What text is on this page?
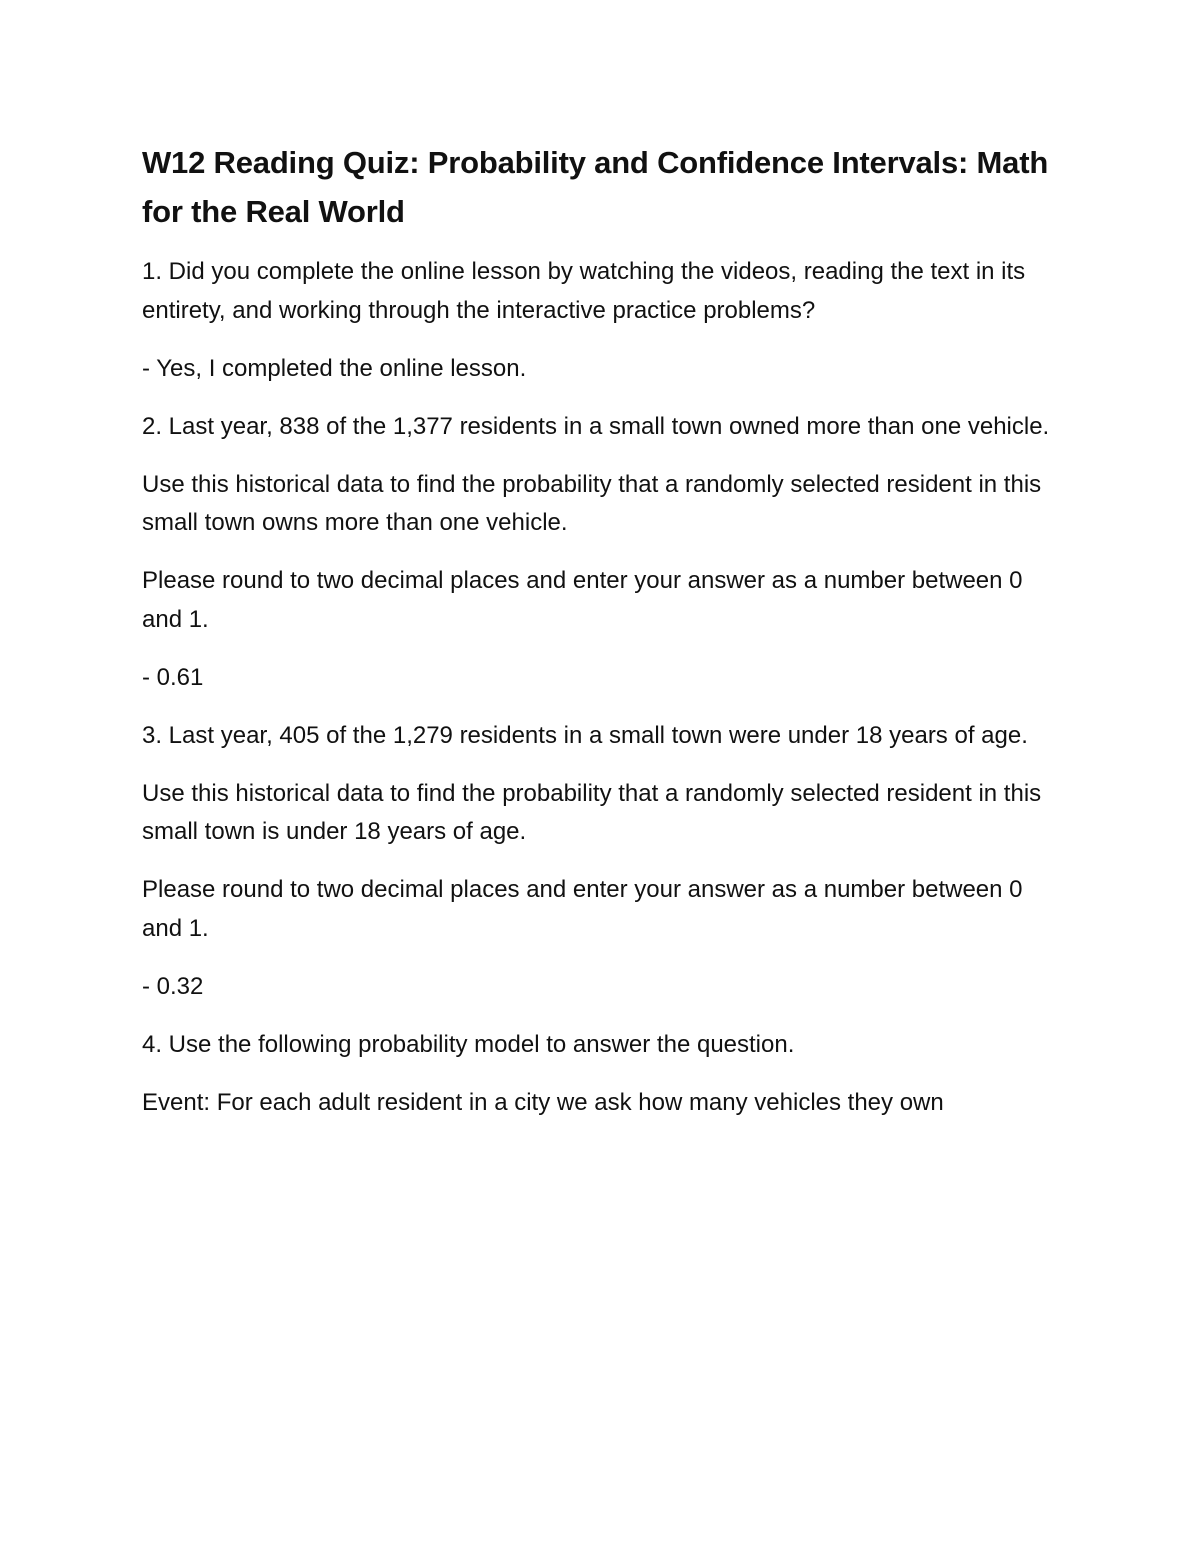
W12 Reading Quiz: Probability and Confidence Intervals: Math for the Real World

1. Did you complete the online lesson by watching the videos, reading the text in its entirety, and working through the interactive practice problems?

- Yes, I completed the online lesson.

2. Last year, 838 of the 1,377 residents in a small town owned more than one vehicle.

Use this historical data to find the probability that a randomly selected resident in this small town owns more than one vehicle.

Please round to two decimal places and enter your answer as a number between 0 and 1.

- 0.61

3. Last year, 405 of the 1,279 residents in a small town were under 18 years of age.

Use this historical data to find the probability that a randomly selected resident in this small town is under 18 years of age.

Please round to two decimal places and enter your answer as a number between 0 and 1.

- 0.32

4. Use the following probability model to answer the question.

Event: For each adult resident in a city we ask how many vehicles they own
